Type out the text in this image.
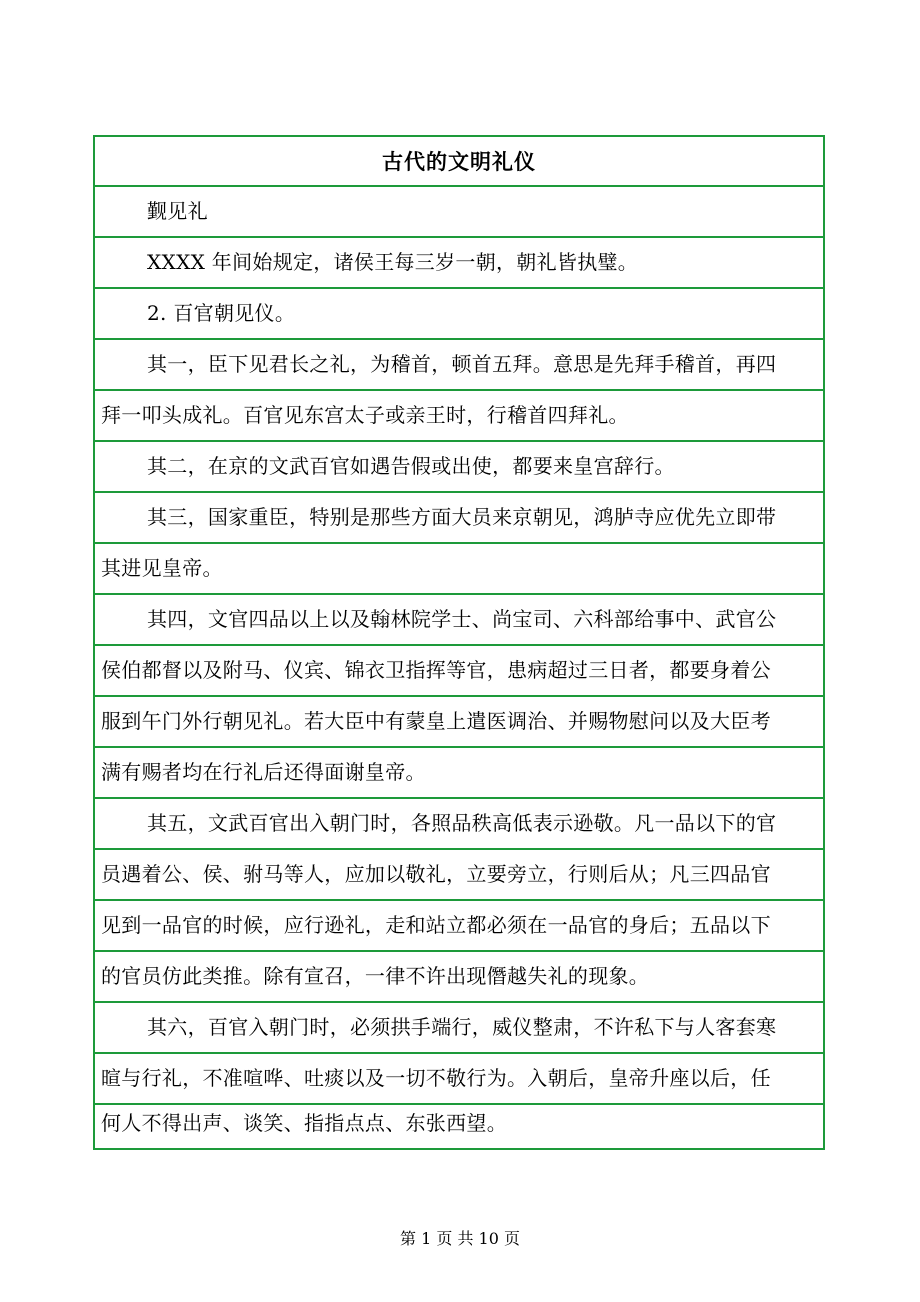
古代的文明礼仪
觐见礼
XXXX 年间始规定，诸侯王每三岁一朝，朝礼皆执璧。
2. 百官朝见仪。
其一，臣下见君长之礼，为稽首，顿首五拜。意思是先拜手稽首，再四
拜一叩头成礼。百官见东宫太子或亲王时，行稽首四拜礼。
其二，在京的文武百官如遇告假或出使，都要来皇宫辞行。
其三，国家重臣，特别是那些方面大员来京朝见，鸿胪寺应优先立即带
其进见皇帝。
其四，文官四品以上以及翰林院学士、尚宝司、六科部给事中、武官公
侯伯都督以及附马、仪宾、锦衣卫指挥等官，患病超过三日者，都要身着公
服到午门外行朝见礼。若大臣中有蒙皇上遣医调治、并赐物慰问以及大臣考
满有赐者均在行礼后还得面谢皇帝。
其五，文武百官出入朝门时，各照品秩高低表示逊敬。凡一品以下的官
员遇着公、侯、驸马等人，应加以敬礼，立要旁立，行则后从；凡三四品官
见到一品官的时候，应行逊礼，走和站立都必须在一品官的身后；五品以下
的官员仿此类推。除有宣召，一律不许出现僭越失礼的现象。
其六，百官入朝门时，必须拱手端行，威仪整肃，不许私下与人客套寒
暄与行礼，不准喧哗、吐痰以及一切不敬行为。入朝后，皇帝升座以后，任
何人不得出声、谈笑、指指点点、东张西望。
第 1 页 共 10 页
